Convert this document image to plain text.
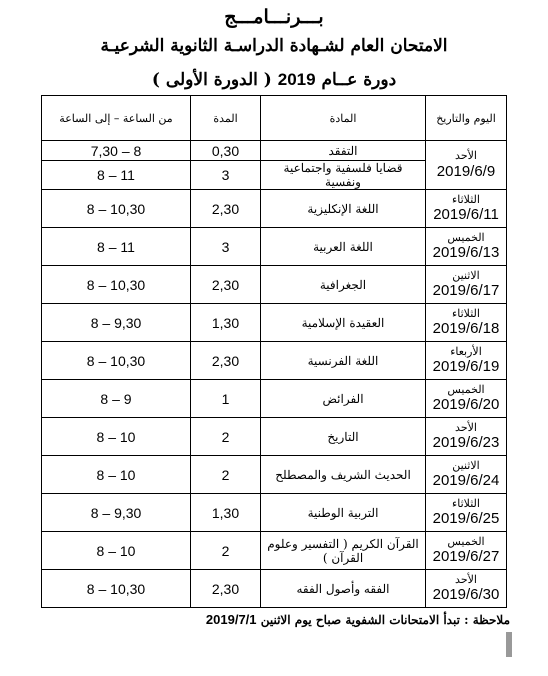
بـــرنـــامـــج
الامتحان العام لشـهادة الدراسـة الثانوية الشرعيـة
دورة عــام 2019 ( الدورة الأولى )
اليوم والتاريخ	المادة	المدة	من الساعة – إلى الساعة

الأحد
2019/6/9	التفقد	0,30	8 – 7,30
	قضايا فلسفية واجتماعية ونفسية	3	11 – 8

الثلاثاء
2019/6/11	اللغة الإنكليزية	2,30	10,30 – 8

الخميس
2019/6/13	اللغة العربية	3	11 – 8

الاثنين
2019/6/17	الجغرافية	2,30	10,30 – 8

الثلاثاء
2019/6/18	العقيدة الإسلامية	1,30	9,30 – 8

الأربعاء
2019/6/19	اللغة الفرنسية	2,30	10,30 – 8

الخميس
2019/6/20	الفرائض	1	9 – 8

الأحد
2019/6/23	التاريخ	2	10 – 8

الاثنين
2019/6/24	الحديث الشريف والمصطلح	2	10 – 8

الثلاثاء
2019/6/25	التربية الوطنية	1,30	9,30 – 8

الخميس
2019/6/27	القرآن الكريم ( التفسير وعلوم القرآن )	2	10 – 8

الأحد
2019/6/30	الفقه وأصول الفقه	2,30	10,30 – 8
ملاحظة : تبدأ الامتحانات الشفوية صباح يوم الاثنين 2019/7/1
